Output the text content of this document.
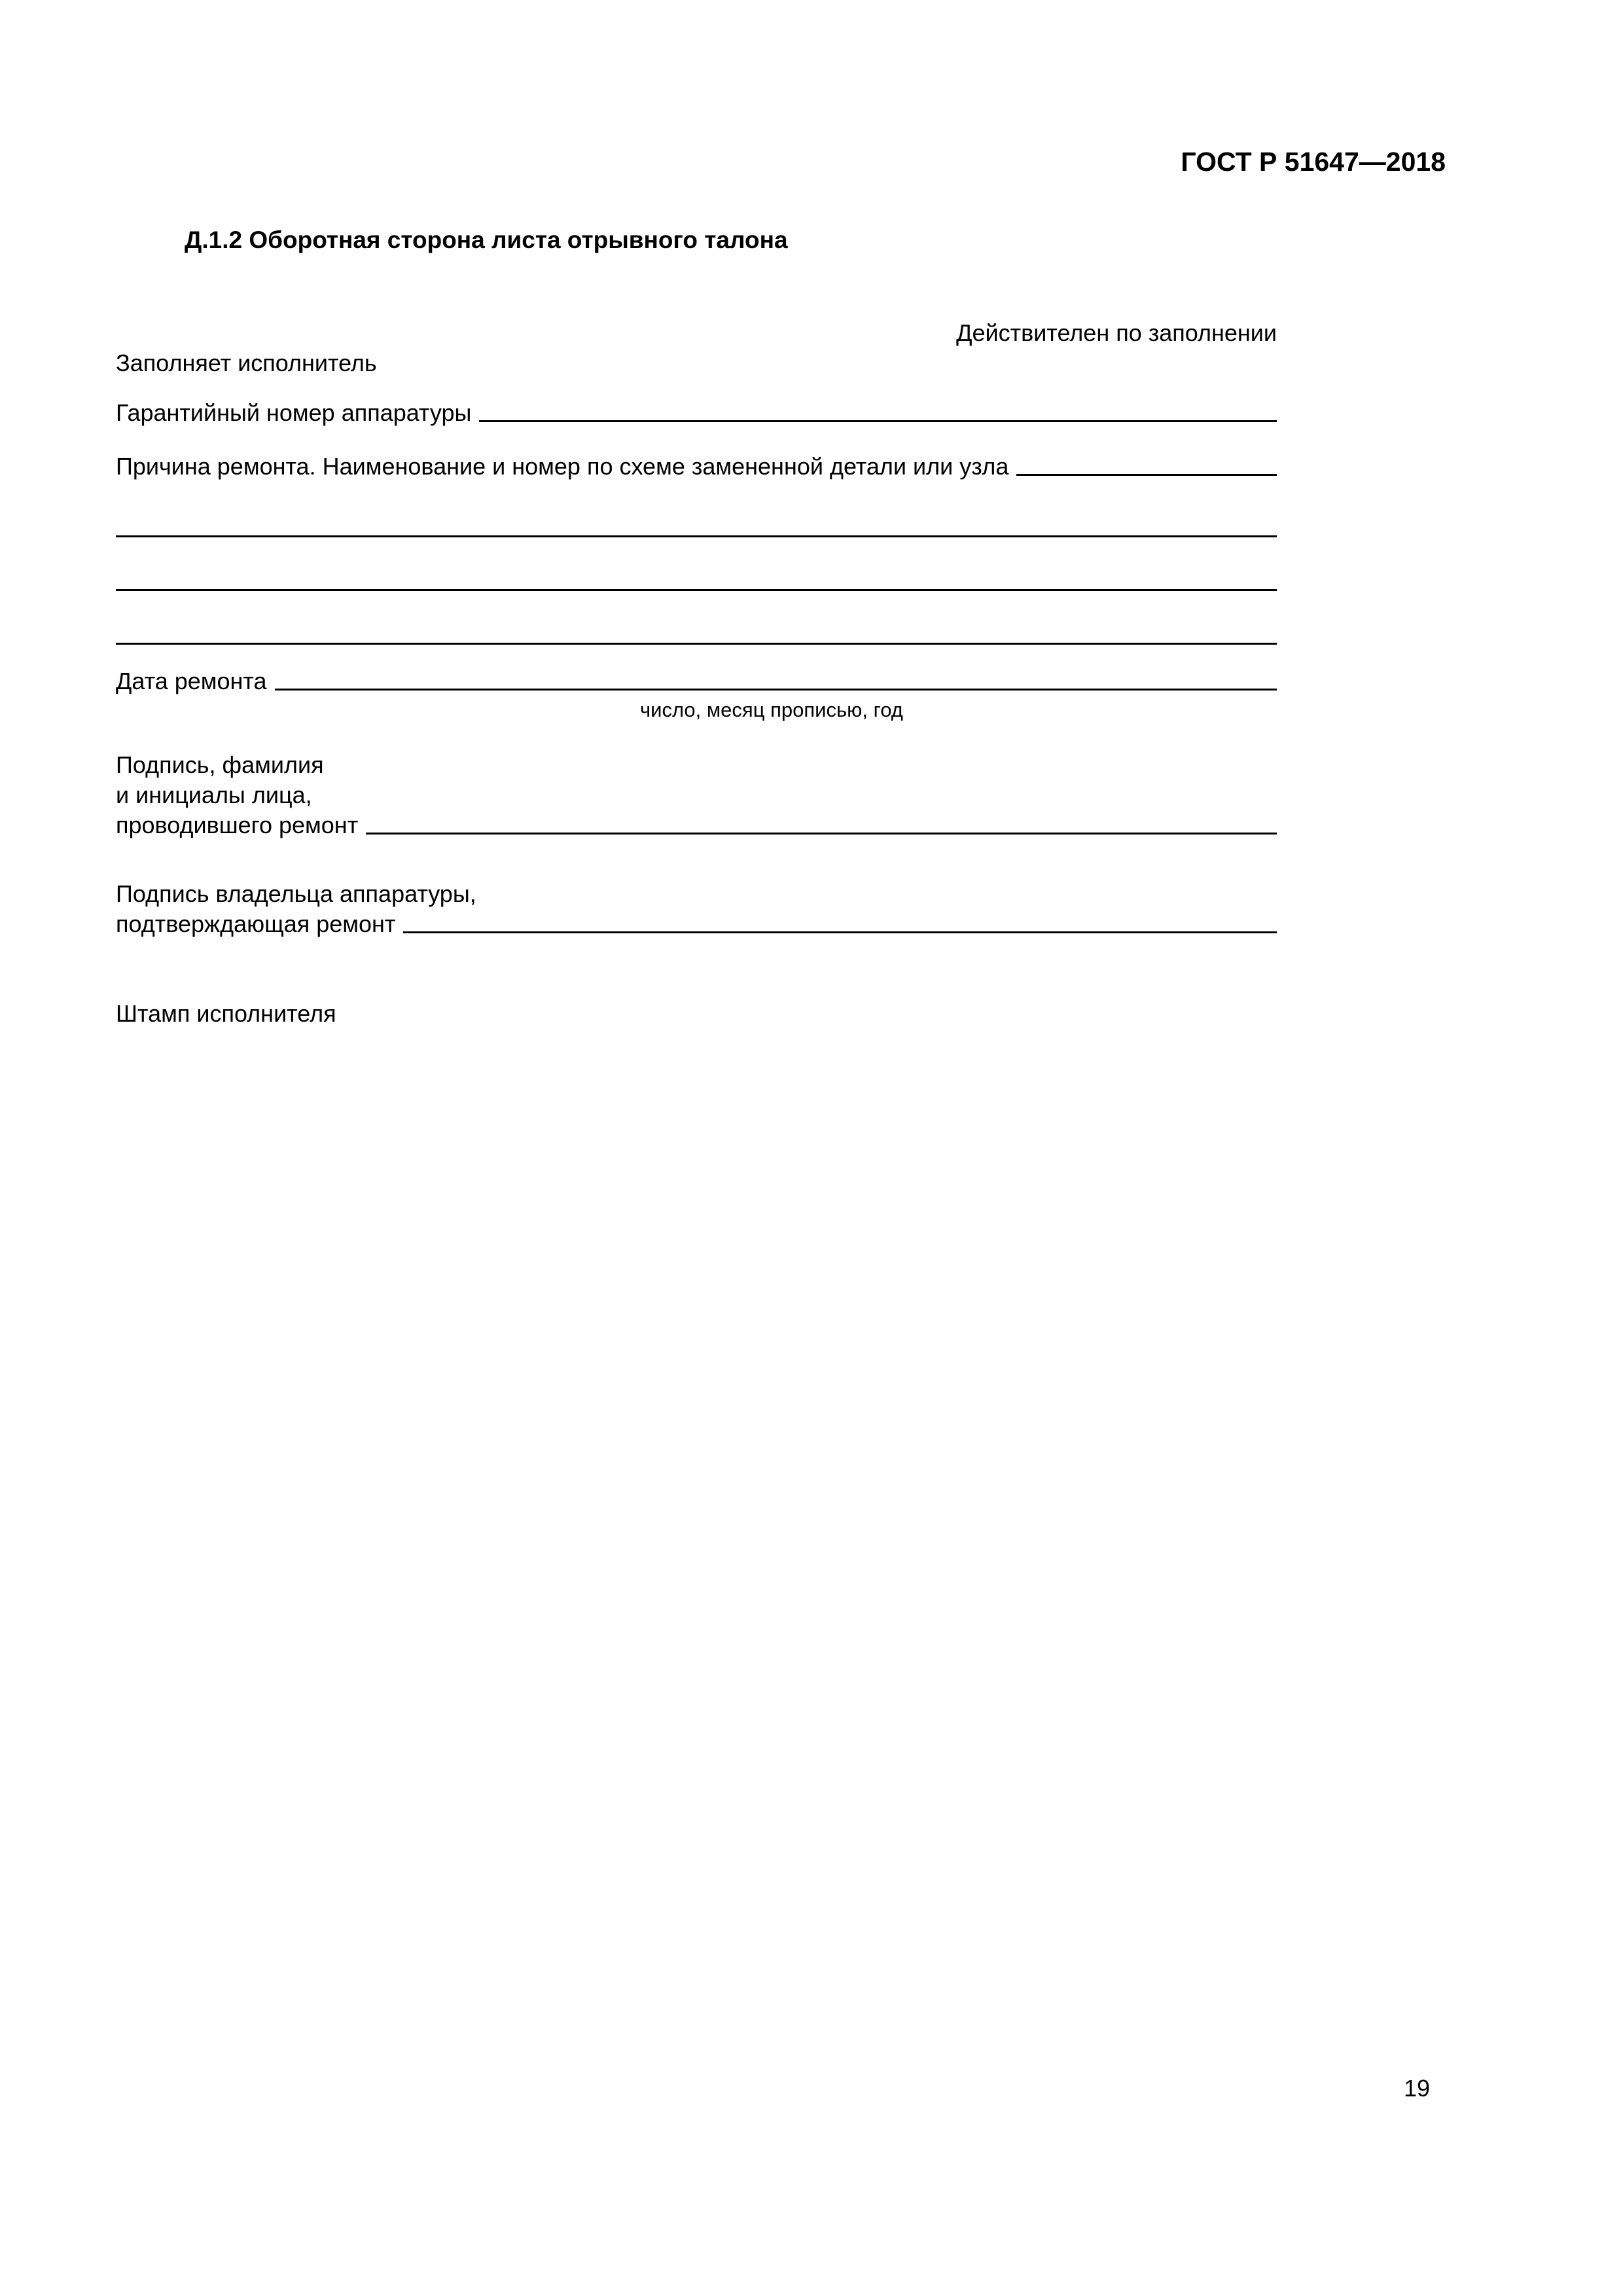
ГОСТ Р 51647—2018
Д.1.2 Оборотная сторона листа отрывного талона
Действителен по заполнении
Заполняет исполнитель
Гарантийный номер аппаратуры
Причина ремонта. Наименование и номер по схеме замененной детали или узла
Дата ремонта
число, месяц прописью, год
Подпись, фамилия
и инициалы лица,
проводившего ремонт
Подпись владельца аппаратуры,
подтверждающая ремонт
Штамп исполнителя
19
